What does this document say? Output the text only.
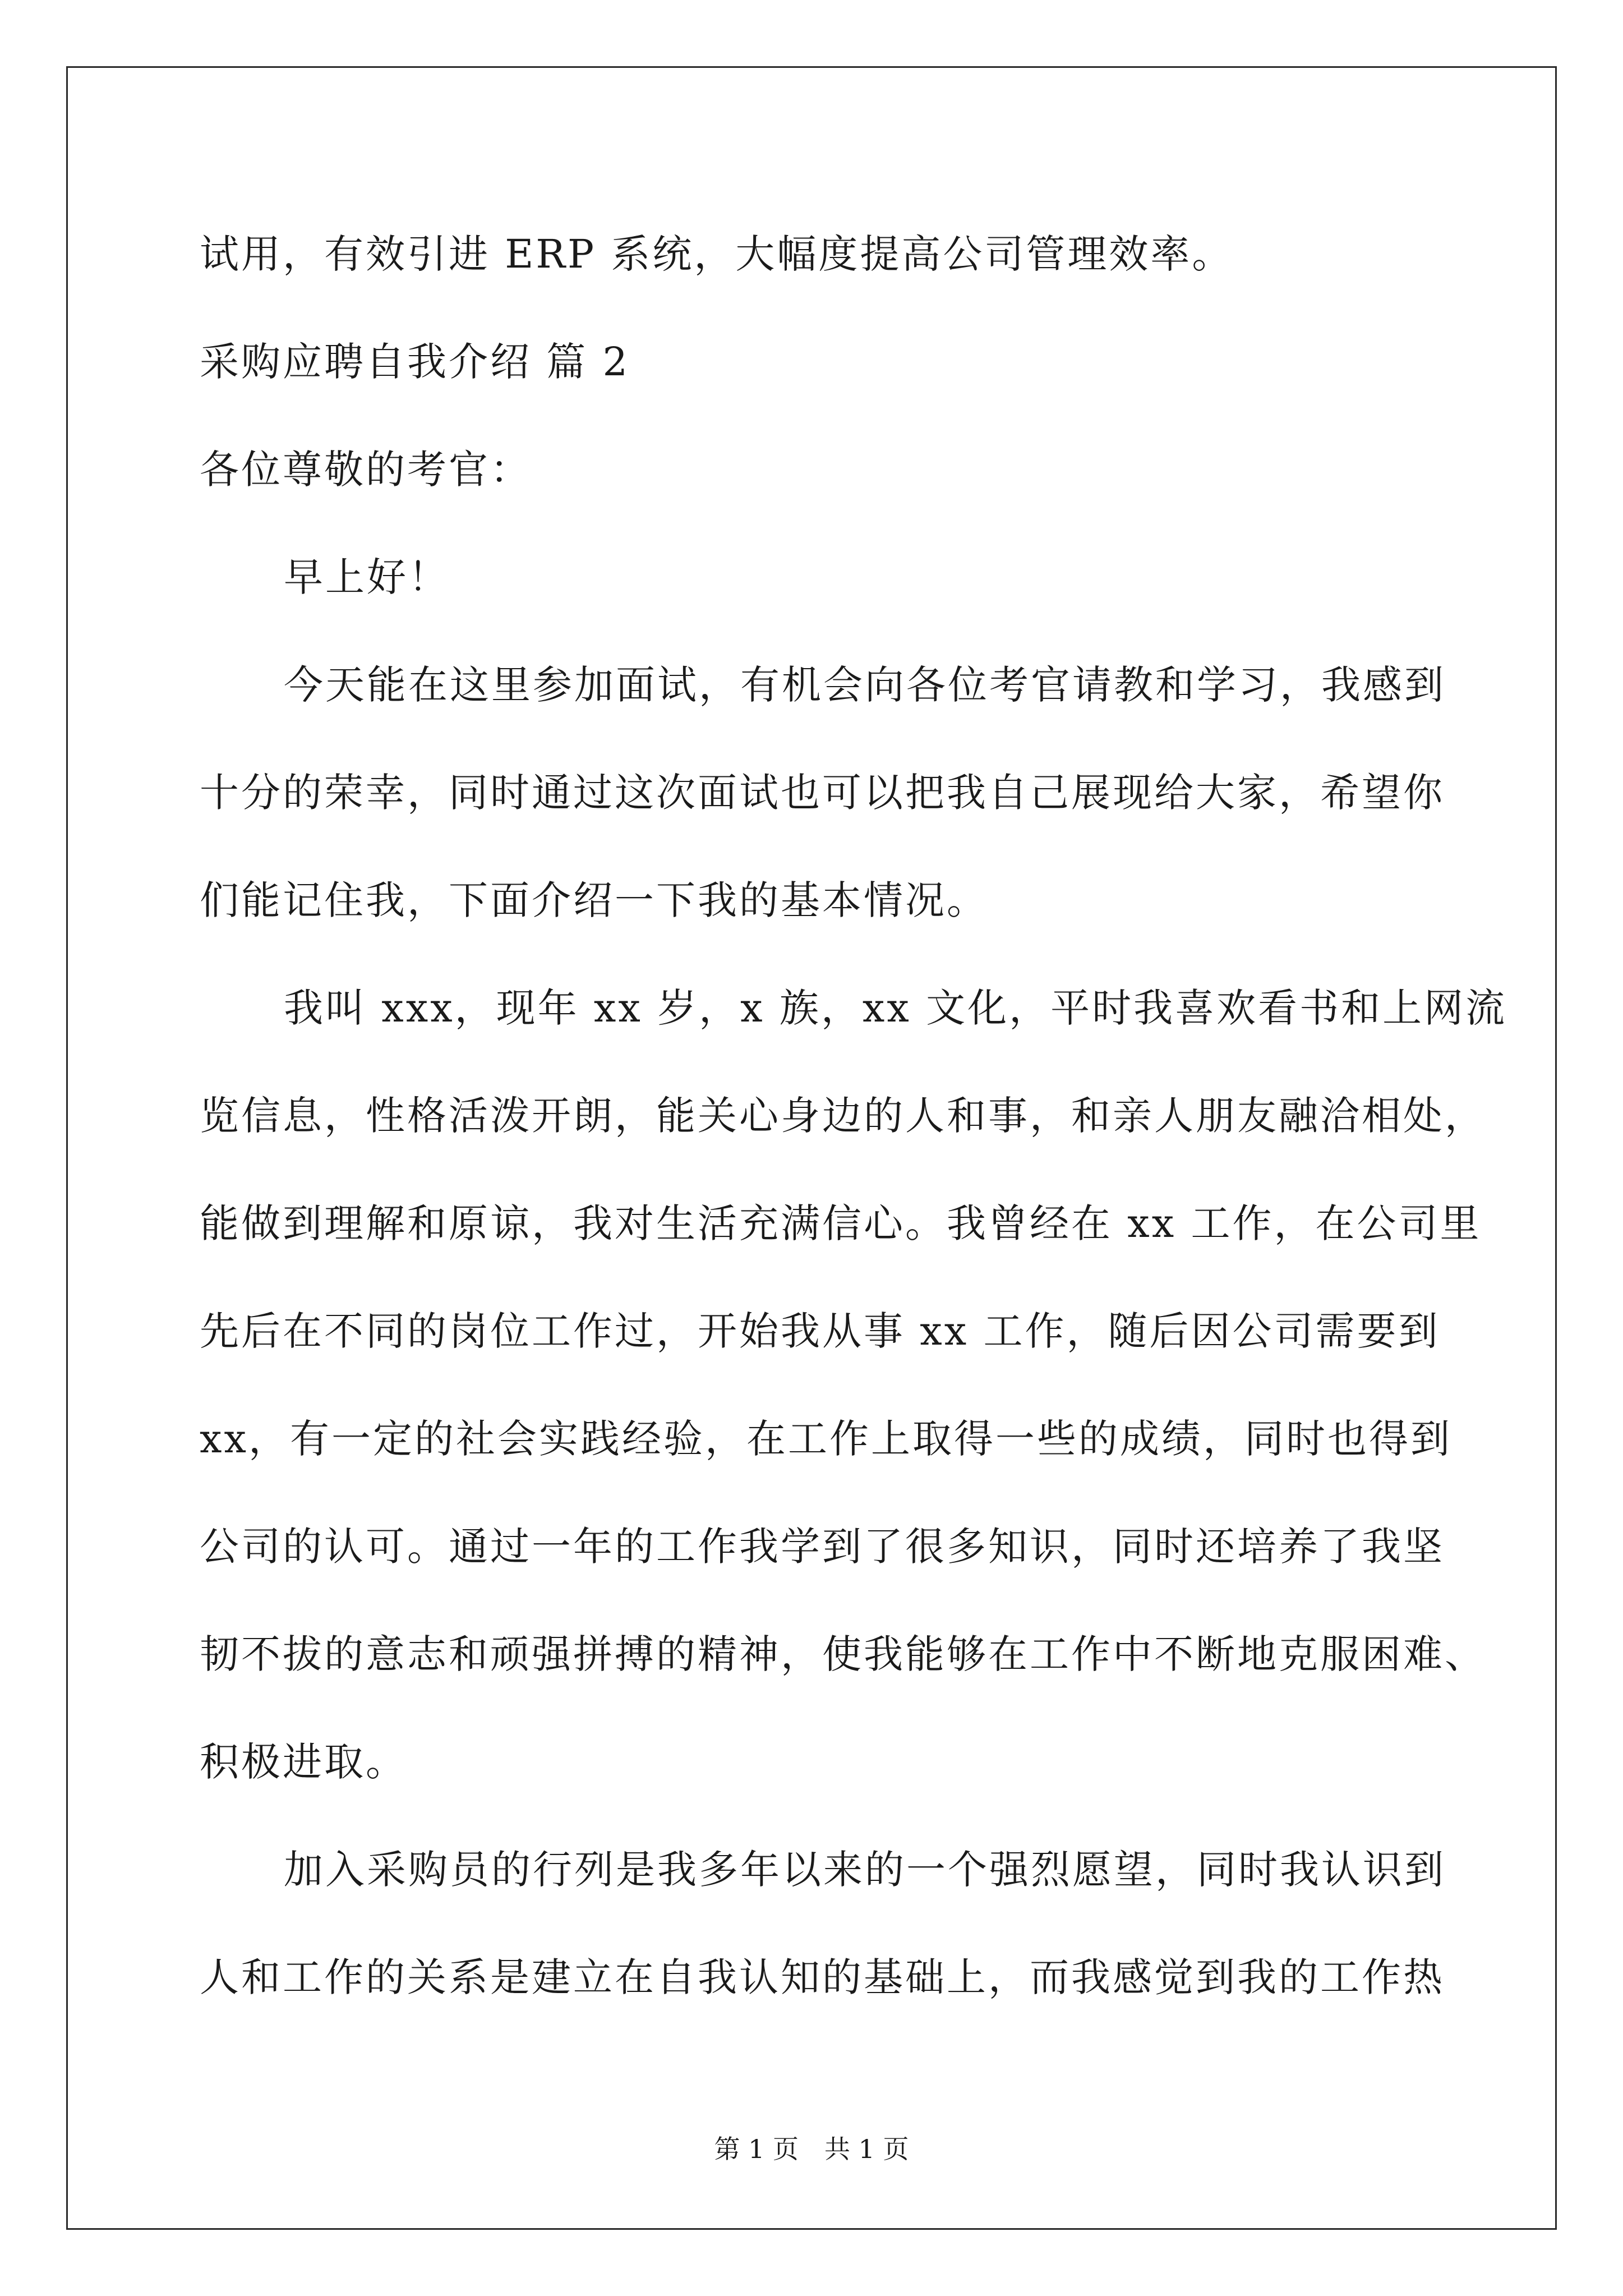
试用，有效引进 ERP 系统，大幅度提高公司管理效率。
采购应聘自我介绍 篇 2
各位尊敬的考官：
早上好！
今天能在这里参加面试，有机会向各位考官请教和学习，我感到
十分的荣幸，同时通过这次面试也可以把我自己展现给大家，希望你
们能记住我，下面介绍一下我的基本情况。
我叫 xxx，现年 xx 岁，x 族，xx 文化，平时我喜欢看书和上网流
览信息，性格活泼开朗，能关心身边的人和事，和亲人朋友融洽相处，
能做到理解和原谅，我对生活充满信心。我曾经在 xx 工作，在公司里
先后在不同的岗位工作过，开始我从事 xx 工作，随后因公司需要到
xx，有一定的社会实践经验，在工作上取得一些的成绩，同时也得到
公司的认可。通过一年的工作我学到了很多知识，同时还培养了我坚
韧不拔的意志和顽强拼搏的精神，使我能够在工作中不断地克服困难、
积极进取。
加入采购员的行列是我多年以来的一个强烈愿望，同时我认识到
人和工作的关系是建立在自我认知的基础上，而我感觉到我的工作热
第 1 页　共 1 页
